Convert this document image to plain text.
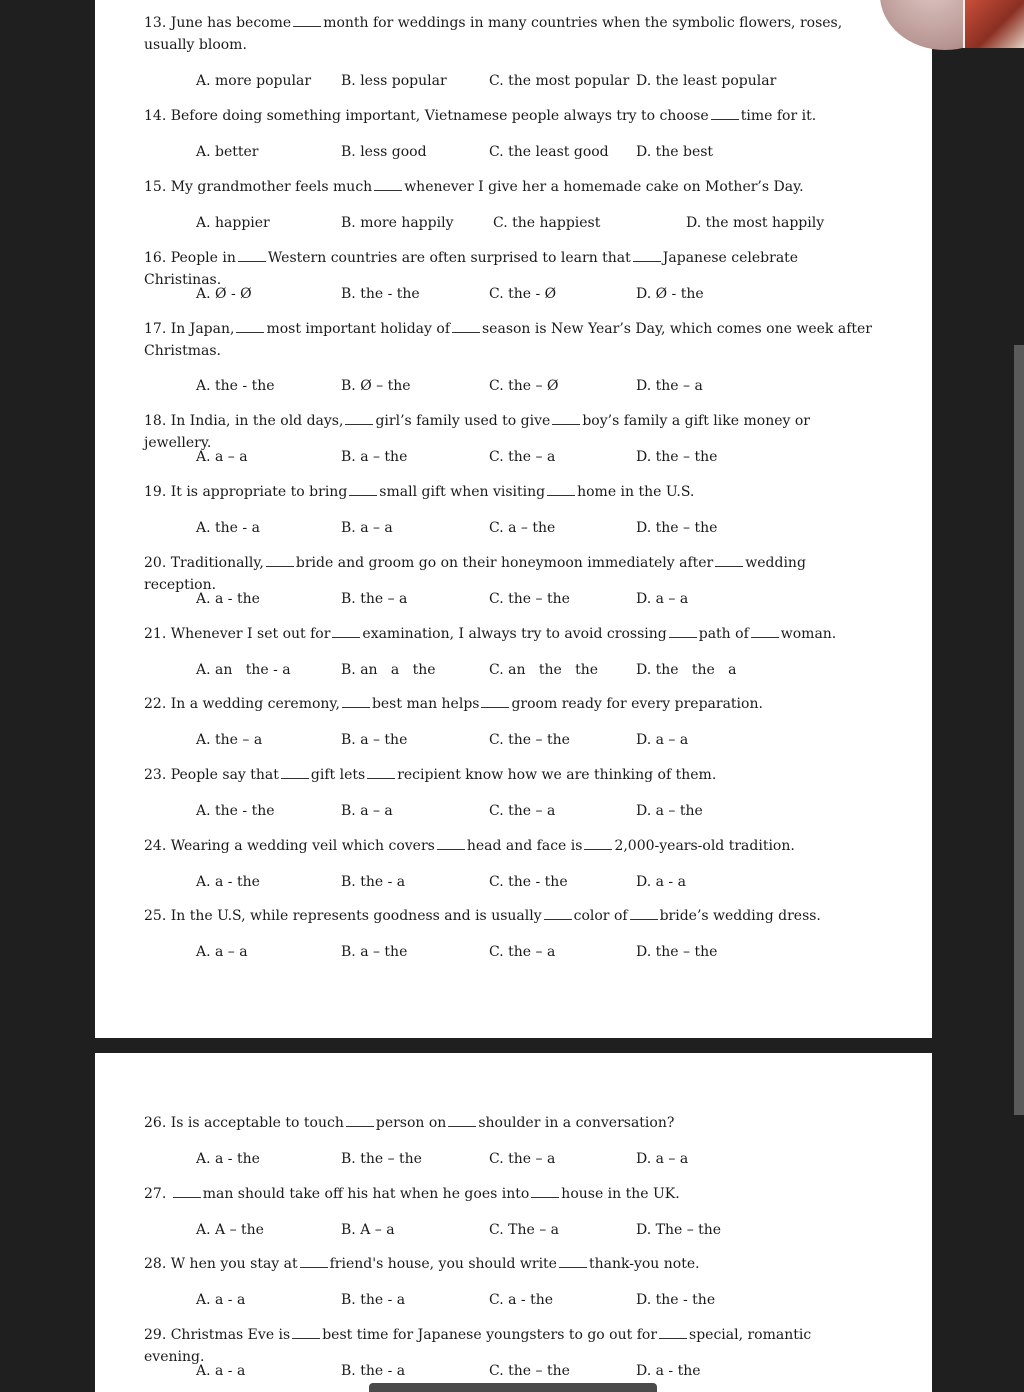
13. June has become month for weddings in many countries when the symbolic flowers, roses, usually bloom.
A. more popular B. less popular	C. the most popular D. the least popular
14. Before doing something important, Vietnamese people always try to choose time for it.
A. better	B. less good	C. the least good D. the best
15. My grandmother feels much whenever I give her a homemade cake on Mother’s Day.
A. happier	B. more happily	C. the happiest	D. the most happily
16. People in Western countries are often surprised to learn that Japanese celebrate Christinas.
A. Ø - Ø	B. the - the	C. the - Ø	D. Ø - the
17. In Japan, most important holiday of season is New Year’s Day, which comes one week after Christmas.
A. the - the	B. Ø – the	C. the – Ø	D. the – a
18. In India, in the old days, girl’s family used to give boy’s family a gift like money or jewellery.
A. a – a	B. a – the	C. the – a	D. the – the
19. It is appropriate to bring small gift when visiting home in the U.S.
A. the - a	B. a – a	C. a – the	D. the – the
20. Traditionally, bride and groom go on their honeymoon immediately after wedding reception.
A. a - the	B. the – a	C. the – the	D. a – a
21. Whenever I set out for examination, I always try to avoid crossing path of woman.
A. an   the - a	B. an   a   the	C. an   the   the	D. the   the   a
22. In a wedding ceremony, best man helps groom ready for every preparation.
A. the – a	B. a – the	C. the – the	D. a – a
23. People say that gift lets recipient know how we are thinking of them.
A. the - the	B. a – a	C. the – a	D. a – the
24. Wearing a wedding veil which covers head and face is 2,000-years-old tradition.
A. a - the	B. the - a	C. the - the	D. a - a
25. In the U.S, while represents goodness and is usually color of bride’s wedding dress.
A. a – a	B. a – the	C. the – a	D. the – the
26. Is is acceptable to touch person on shoulder in a conversation?
A. a - the	B. the – the	C. the – a	D. a – a
27.	man should take off his hat when he goes into house in the UK.
A. A – the	B. A – a	C. The – a	D. The – the
28. W hen you stay at friend's house, you should write thank-you note.
A. a - a	B. the - a	C. a - the	D. the - the
29. Christmas Eve is best time for Japanese youngsters to go out for special, romantic evening.
A. a - a	B. the - a	C. the – the	D. a - the
